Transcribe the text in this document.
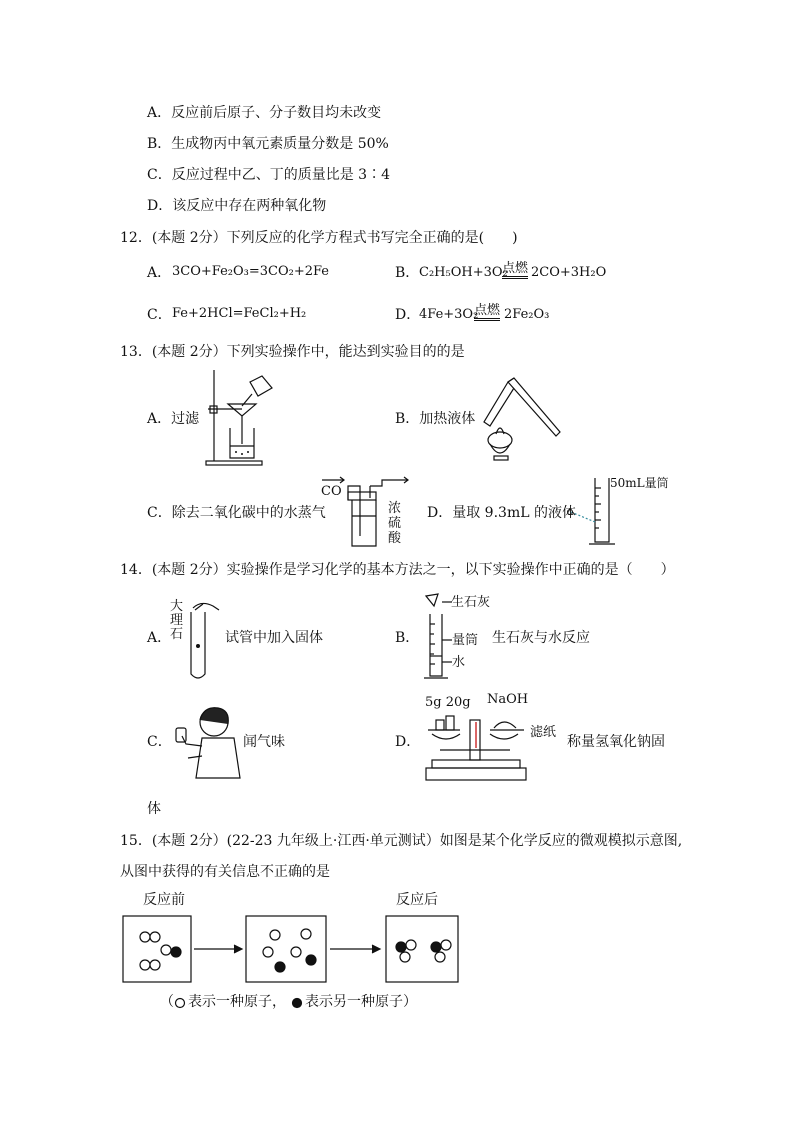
A．反应前后原子、分子数目均未改变
B．生成物丙中氧元素质量分数是 50%
C．反应过程中乙、丁的质量比是 3∶4
D．该反应中存在两种氧化物
12．(本题 2分）下列反应的化学方程式书写完全正确的是(　　)
A． 3CO+Fe₂O₃=3CO₂+2Fe	B． C₂H₅OH+3O₂
点燃 2CO+3H₂O
C． Fe+2HCl=FeCl₂+H₂	D．
4Fe+3O₂
点燃 2Fe₂O₃
13．(本题 2分）下列实验操作中，能达到实验目的的是
A．过滤	B．加热液体
C．除去二氧化碳中的水蒸气	D．量取 9.3mL 的液体
CO
浓
硫
酸
50mL量筒
14．(本题 2分）实验操作是学习化学的基本方法之一，以下实验操作中正确的是（　　）
大
理
石
A．	试管中加入固体	B．
生石灰
量筒
水
生石灰与水反应
C．	闻气味	D．
5g 20g NaOH
滤纸
称量氢氧化钠固
体
15．(本题 2分）(22-23 九年级上·江西·单元测试）如图是某个化学反应的微观模拟示意图,
从图中获得的有关信息不正确的是
反应前	反应后
（ 表示一种原子， 表示另一种原子）
